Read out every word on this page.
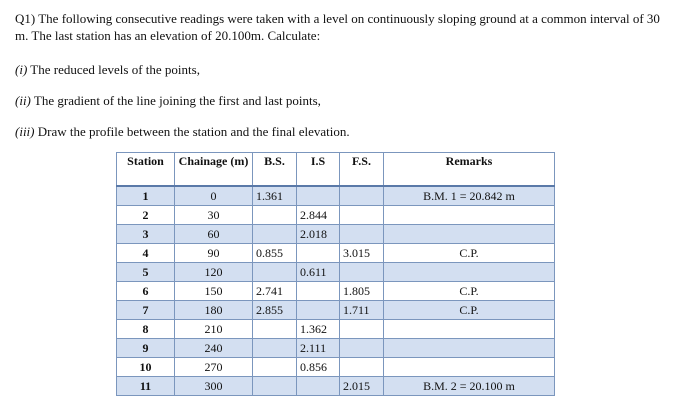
Q1) The following consecutive readings were taken with a level on continuously sloping ground at a common interval of 30 m. The last station has an elevation of 20.100m. Calculate:
(i) The reduced levels of the points,
(ii) The gradient of the line joining the first and last points,
(iii) Draw the profile between the station and the final elevation.
Station	Chainage (m)	B.S.	I.S	F.S.	Remarks
1	0	1.361			B.M. 1 = 20.842 m
2	30		2.844		
3	60		2.018		
4	90	0.855		3.015	C.P.
5	120		0.611		
6	150	2.741		1.805	C.P.
7	180	2.855		1.711	C.P.
8	210		1.362		
9	240		2.111		
10	270		0.856		
11	300			2.015	B.M. 2 = 20.100 m
